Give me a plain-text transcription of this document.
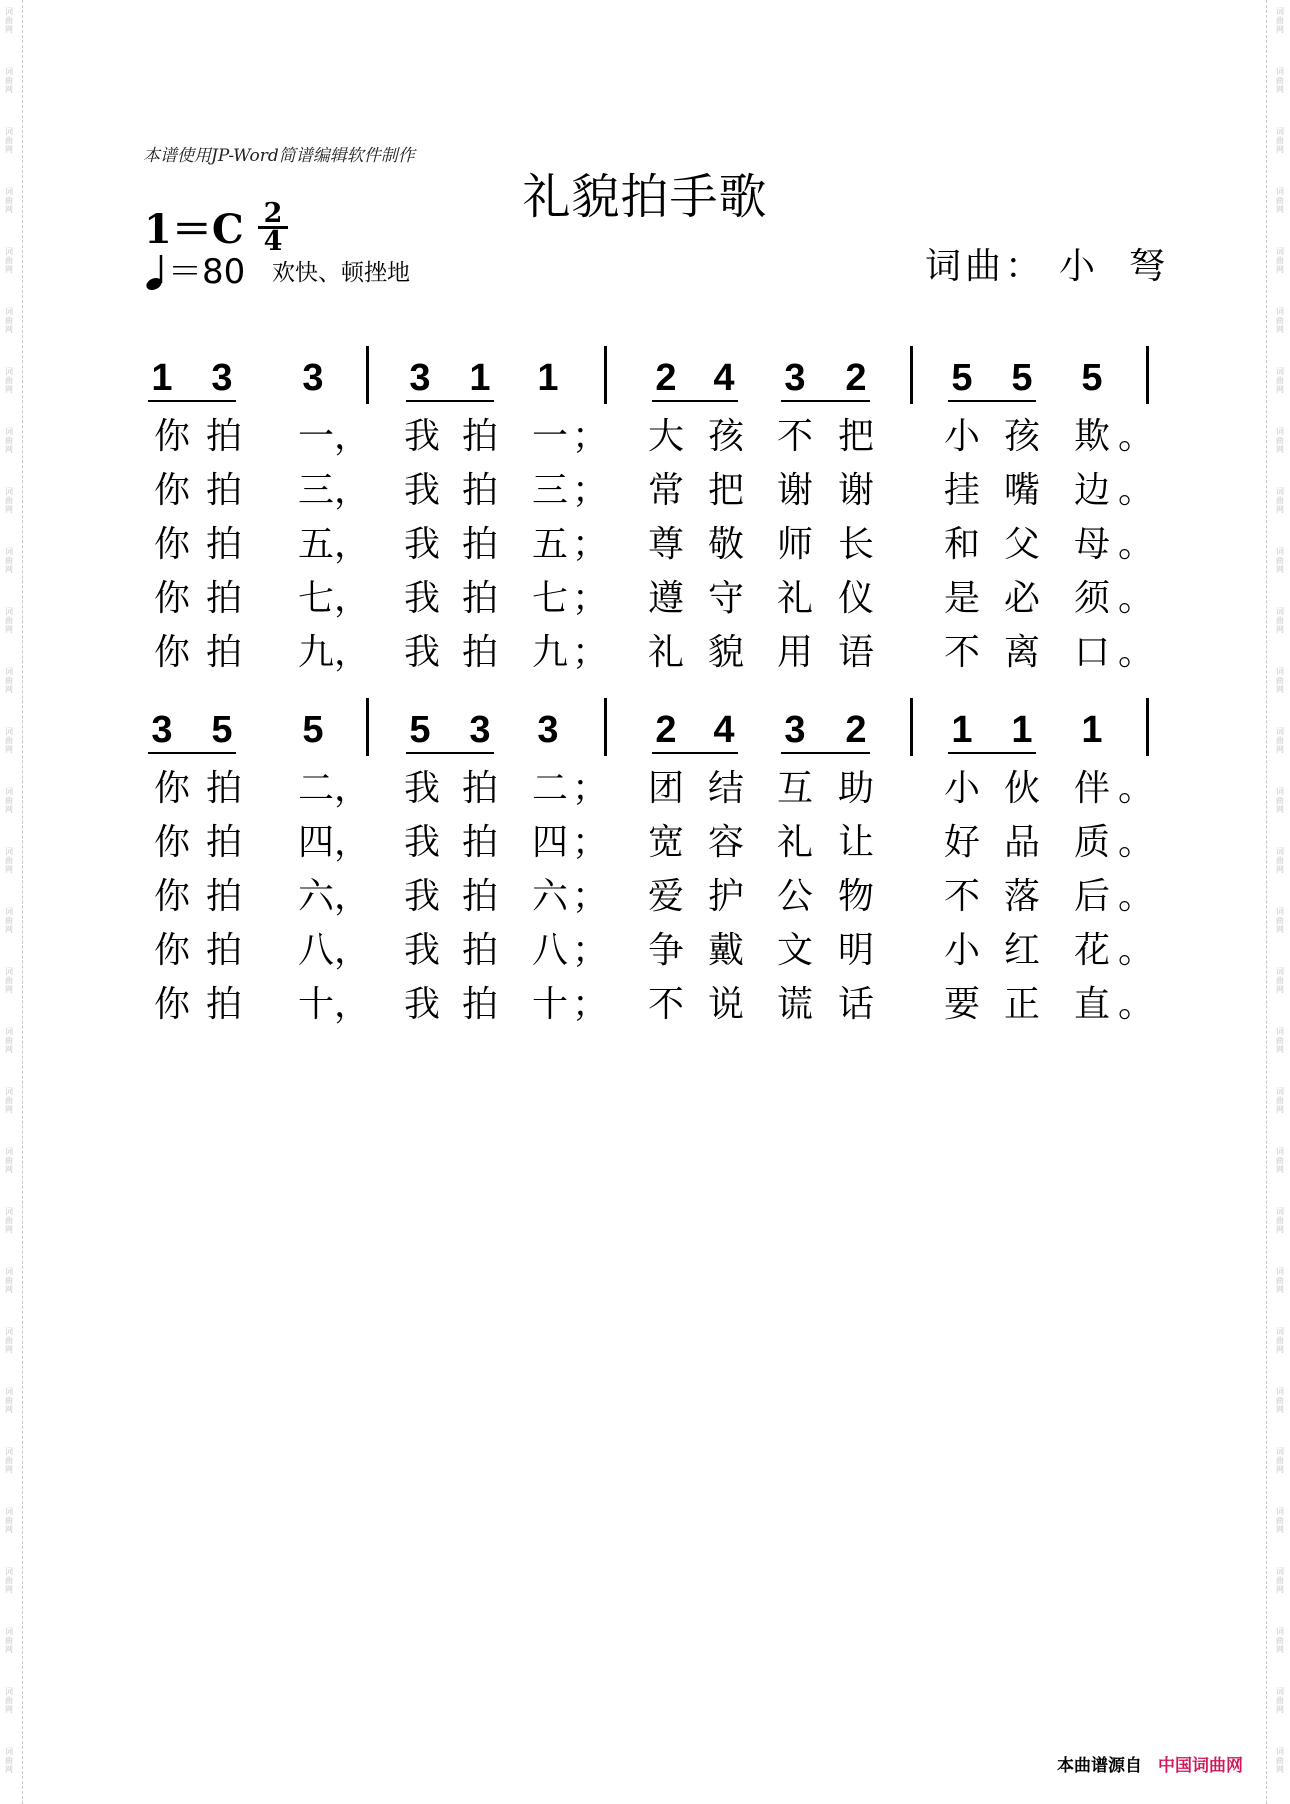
词
曲
网
词
曲
网
词
曲
网
词
曲
网
词
曲
网
词
曲
网
词
曲
网
词
曲
网
词
曲
网
词
曲
网
词
曲
网
词
曲
网
词
曲
网
词
曲
网
词
曲
网
词
曲
网
词
曲
网
词
曲
网
词
曲
网
词
曲
网
词
曲
网
词
曲
网
词
曲
网
词
曲
网
词
曲
网
词
曲
网
词
曲
网
词
曲
网
词
曲
网
词
曲
网
词
曲
网
词
曲
网
词
曲
网
词
曲
网
词
曲
网
词
曲
网
词
曲
网
词
曲
网
词
曲
网
词
曲
网
词
曲
网
词
曲
网
词
曲
网
词
曲
网
词
曲
网
词
曲
网
词
曲
网
词
曲
网
词
曲
网
词
曲
网
词
曲
网
词
曲
网
词
曲
网
词
曲
网
词
曲
网
词
曲
网
词
曲
网
词
曲
网
词
曲
网
词
曲
网
本谱使用JP-Word简谱编辑软件制作
礼貌拍手歌
$1=C \frac{2}{4}$
＝80 欢快、顿挫地	词曲： 小弩
1 3 3 3 1 1	2 4 3 2 5 5 5
你 拍 一 ， 我 拍 一 ； 大 孩 不 把 小 孩 欺 。
你 拍 三 ， 我 拍 三 ； 常 把 谢 谢 挂 嘴 边 。
你 拍 五 ， 我 拍 五 ； 尊 敬 师 长 和 父 母 。
你 拍 七 ， 我 拍 七 ； 遵 守 礼 仪 是 必 须 。
你 拍 九 ， 我 拍 九 ； 礼 貌 用 语 不 离 口 。
3 5 5 5 3 3	2 4 3 2 1 1 1
你 拍 二 ， 我 拍 二 ； 团 结 互 助 小 伙 伴 。
你 拍 四 ， 我 拍 四 ； 宽 容 礼 让 好 品 质 。
你 拍 六 ， 我 拍 六 ； 爱 护 公 物 不 落 后 。
你 拍 八 ， 我 拍 八 ； 争 戴 文 明 小 红 花 。
你 拍 十 ， 我 拍 十 ； 不 说 谎 话 要 正 直 。
本曲谱源自 中国词曲网
